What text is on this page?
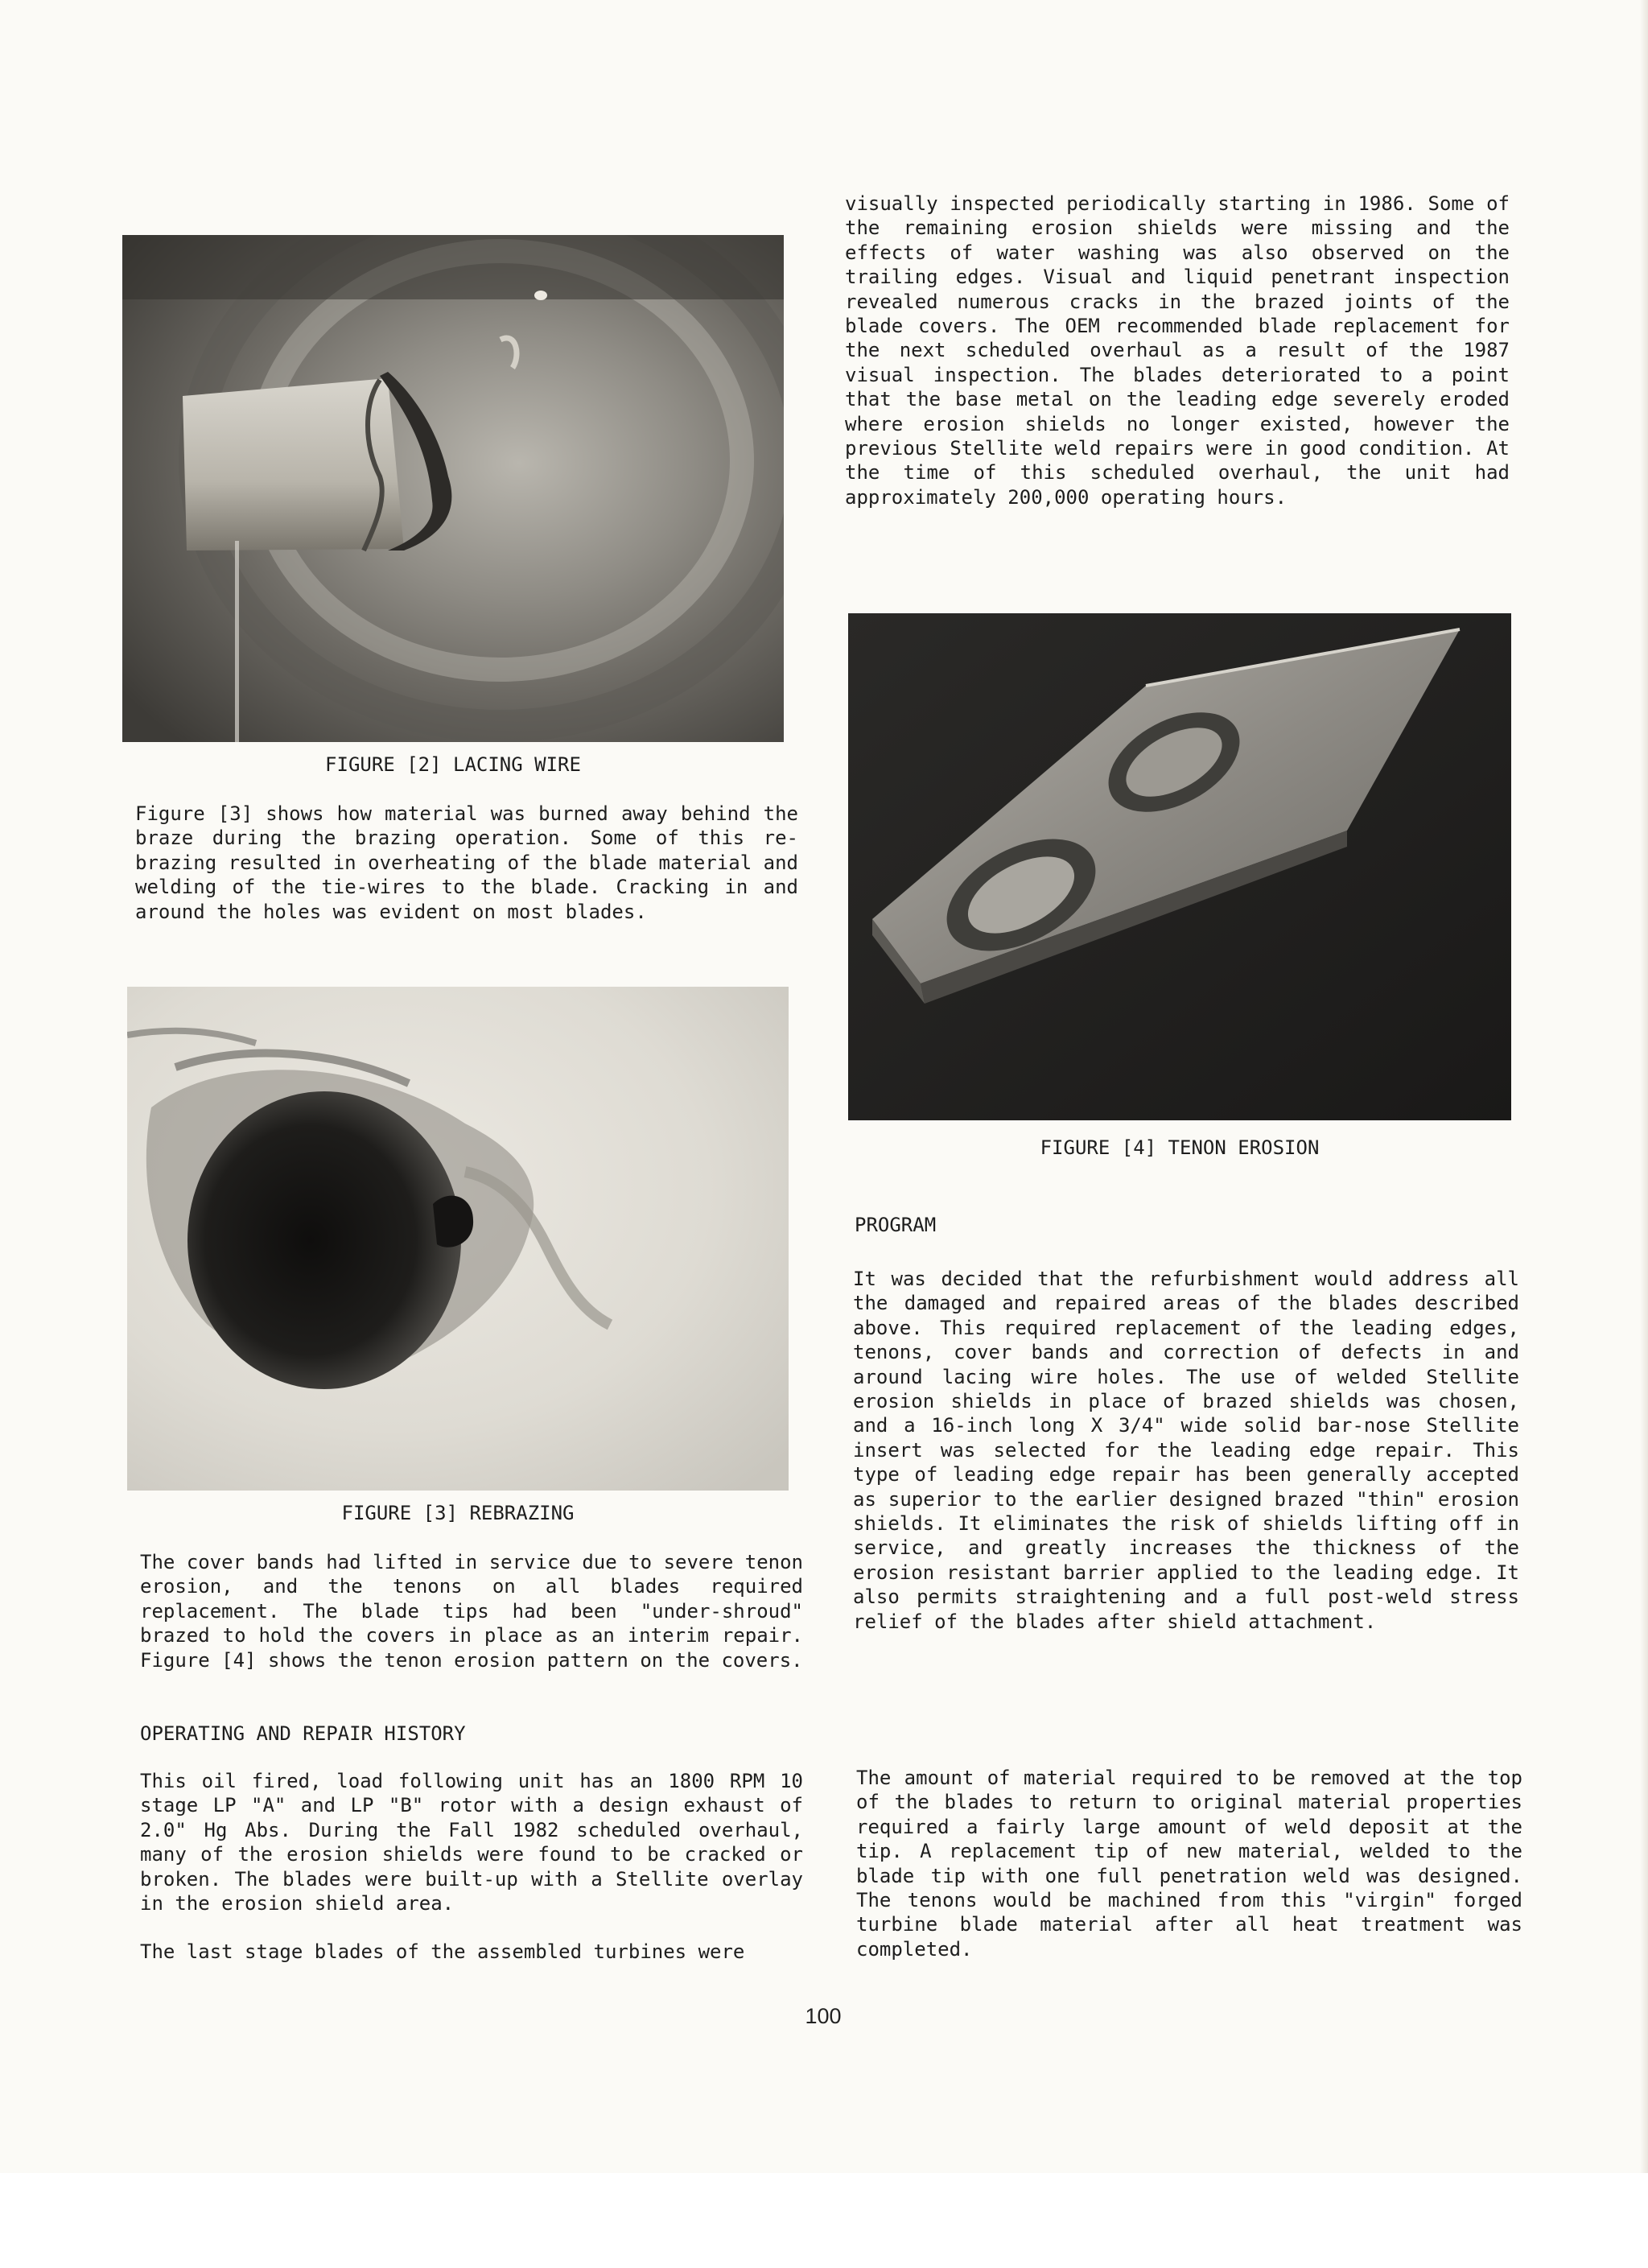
FIGURE [2] LACING WIRE

Figure [3] shows how material was burned away behind the braze during the brazing operation. Some of this re-brazing resulted in overheating of the blade material and welding of the tie-wires to the blade. Cracking in and around the holes was evident on most blades.

FIGURE [3] REBRAZING

The cover bands had lifted in service due to severe tenon erosion, and the tenons on all blades required replacement. The blade tips had been "under-shroud" brazed to hold the covers in place as an interim repair. Figure [4] shows the tenon erosion pattern on the covers.

OPERATING AND REPAIR HISTORY

This oil fired, load following unit has an 1800 RPM 10 stage LP "A" and LP "B" rotor with a design exhaust of 2.0" Hg Abs. During the Fall 1982 scheduled overhaul, many of the erosion shields were found to be cracked or broken. The blades were built-up with a Stellite overlay in the erosion shield area.

The last stage blades of the assembled turbines were

visually inspected periodically starting in 1986. Some of the remaining erosion shields were missing and the effects of water washing was also observed on the trailing edges. Visual and liquid penetrant inspection revealed numerous cracks in the brazed joints of the blade covers. The OEM recommended blade replacement for the next scheduled overhaul as a result of the 1987 visual inspection. The blades deteriorated to a point that the base metal on the leading edge severely eroded where erosion shields no longer existed, however the previous Stellite weld repairs were in good condition. At the time of this scheduled overhaul, the unit had approximately 200,000 operating hours.

FIGURE [4] TENON EROSION

PROGRAM

It was decided that the refurbishment would address all the damaged and repaired areas of the blades described above. This required replacement of the leading edges, tenons, cover bands and correction of defects in and around lacing wire holes. The use of welded Stellite erosion shields in place of brazed shields was chosen, and a 16-inch long X 3/4" wide solid bar-nose Stellite insert was selected for the leading edge repair. This type of leading edge repair has been generally accepted as superior to the earlier designed brazed "thin" erosion shields. It eliminates the risk of shields lifting off in service, and greatly increases the thickness of the erosion resistant barrier applied to the leading edge. It also permits straightening and a full post-weld stress relief of the blades after shield attachment.

The amount of material required to be removed at the top of the blades to return to original material properties required a fairly large amount of weld deposit at the tip. A replacement tip of new material, welded to the blade tip with one full penetration weld was designed. The tenons would be machined from this "virgin" forged turbine blade material after all heat treatment was completed.

100
